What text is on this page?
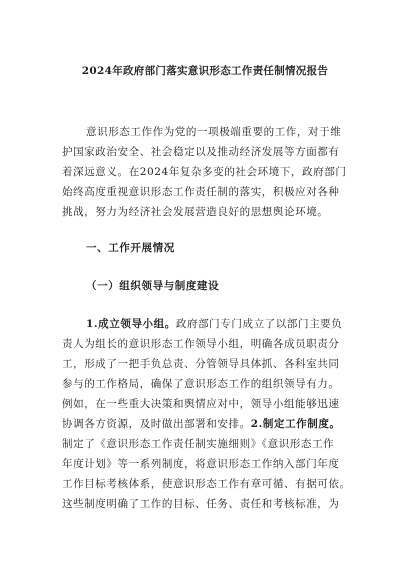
2024年政府部门落实意识形态工作责任制情况报告
意识形态工作作为党的一项极端重要的工作，对于维
护国家政治安全、社会稳定以及推动经济发展等方面都有
着深远意义。在2024年复杂多变的社会环境下，政府部门
始终高度重视意识形态工作责任制的落实，积极应对各种
挑战，努力为经济社会发展营造良好的思想舆论环境。
一、工作开展情况
（一）组织领导与制度建设
1.成立领导小组。政府部门专门成立了以部门主要负
责人为组长的意识形态工作领导小组，明确各成员职责分
工，形成了一把手负总责、分管领导具体抓、各科室共同
参与的工作格局，确保了意识形态工作的组织领导有力。
例如，在一些重大决策和舆情应对中，领导小组能够迅速
协调各方资源，及时做出部署和安排。2.制定工作制度。
制定了《意识形态工作责任制实施细则》《意识形态工作
年度计划》等一系列制度，将意识形态工作纳入部门年度
工作目标考核体系，使意识形态工作有章可循、有据可依。
这些制度明确了工作的目标、任务、责任和考核标准，为
